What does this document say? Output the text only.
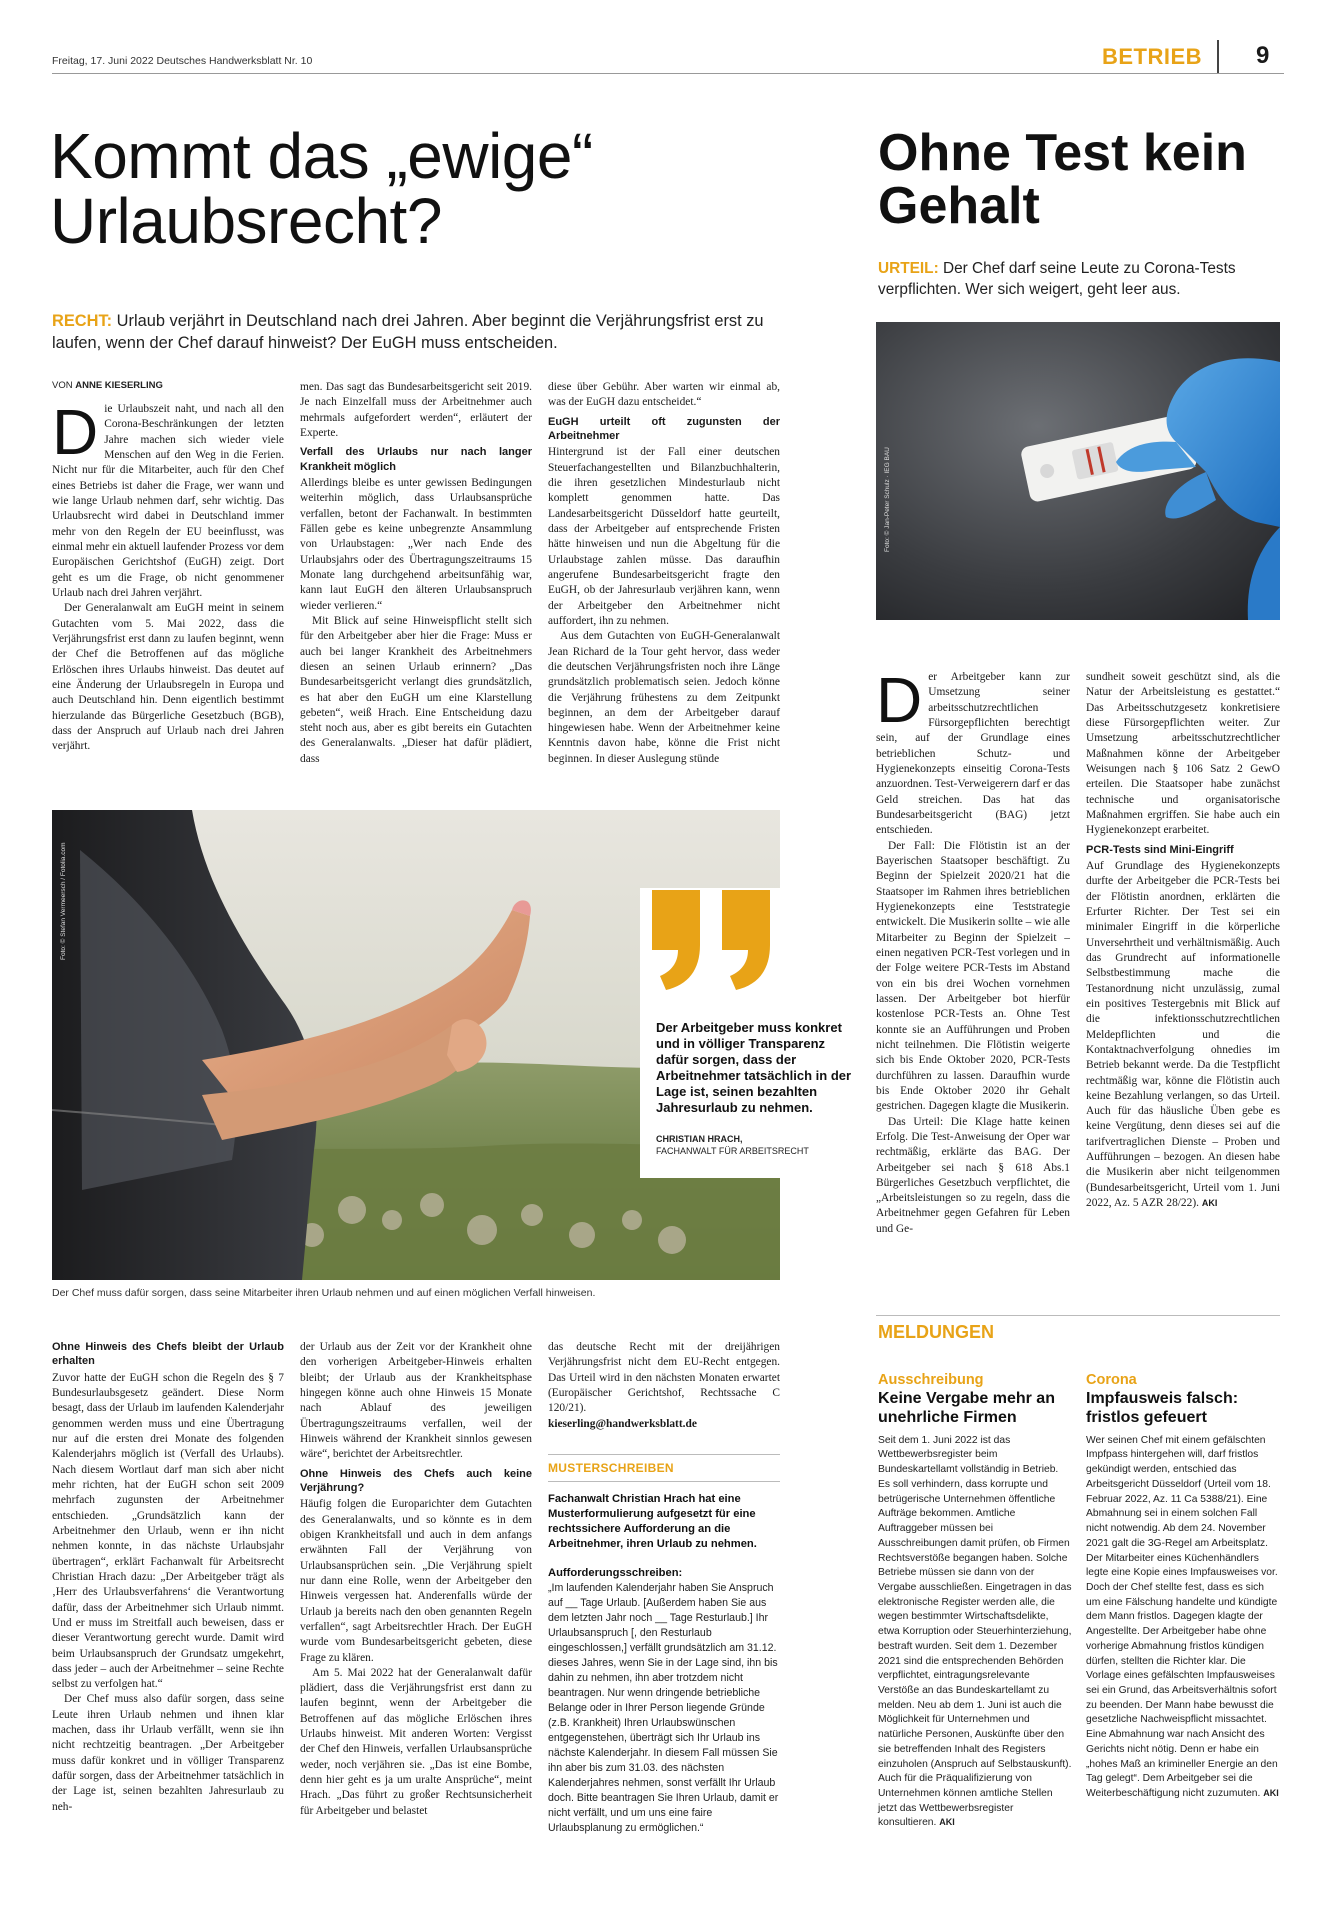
Freitag, 17. Juni 2022 Deutsches Handwerksblatt Nr. 10	BETRIEB 9
Kommt das „ewige“ Urlaubsrecht?
RECHT: Urlaub verjährt in Deutschland nach drei Jahren. Aber beginnt die Verjährungsfrist erst zu laufen, wenn der Chef darauf hinweist? Der EuGH muss entscheiden.
VON ANNE KIESERLING

Die Urlaubszeit naht, und nach all den Corona-Beschränkungen der letzten Jahre machen sich wieder viele Menschen auf den Weg in die Ferien. Nicht nur für die Mitarbeiter, auch für den Chef eines Betriebs ist daher die Frage, wer wann und wie lange Urlaub nehmen darf, sehr wichtig. Das Urlaubsrecht wird dabei in Deutschland immer mehr von den Regeln der EU beeinflusst, was einmal mehr ein aktuell laufender Prozess vor dem Europäischen Gerichtshof (EuGH) zeigt. Dort geht es um die Frage, ob nicht genommener Urlaub nach drei Jahren verjährt.

Der Generalanwalt am EuGH meint in seinem Gutachten vom 5. Mai 2022, dass die Verjährungsfrist erst dann zu laufen beginnt, wenn der Chef die Betroffenen auf das mögliche Erlöschen ihres Urlaubs hinweist. Das deutet auf eine Änderung der Urlaubsregeln in Europa und auch Deutschland hin. Denn eigentlich bestimmt hierzulande das Bürgerliche Gesetzbuch (BGB), dass der Anspruch auf Urlaub nach drei Jahren verjährt.

men. Das sagt das Bundesarbeitsgericht seit 2019. Je nach Einzelfall muss der Arbeitnehmer auch mehrmals aufgefordert werden“, erläutert der Experte.

Verfall des Urlaubs nur nach langer Krankheit möglich

Allerdings bleibe es unter gewissen Bedingungen weiterhin möglich, dass Urlaubsansprüche verfallen, betont der Fachanwalt. In bestimmten Fällen gebe es keine unbegrenzte Ansammlung von Urlaubstagen: „Wer nach Ende des Urlaubsjahrs oder des Übertragungszeitraums 15 Monate lang durchgehend arbeitsunfähig war, kann laut EuGH den älteren Urlaubsanspruch wieder verlieren.“

Mit Blick auf seine Hinweispflicht stellt sich für den Arbeitgeber aber hier die Frage: Muss er auch bei langer Krankheit des Arbeitnehmers diesen an seinen Urlaub erinnern? „Das Bundesarbeitsgericht verlangt dies grundsätzlich, es hat aber den EuGH um eine Klarstellung gebeten“, weiß Hrach. Eine Entscheidung dazu steht noch aus, aber es gibt bereits ein Gutachten des Generalanwalts. „Dieser hat dafür plädiert, dass

diese über Gebühr. Aber warten wir einmal ab, was der EuGH dazu entscheidet.“

EuGH urteilt oft zugunsten der Arbeitnehmer

Hintergrund ist der Fall einer deutschen Steuerfachangestellten und Bilanzbuchhalterin, die ihren gesetzlichen Mindesturlaub nicht komplett genommen hatte. Das Landesarbeitsgericht Düsseldorf hatte geurteilt, dass der Arbeitgeber auf entsprechende Fristen hätte hinweisen und nun die Abgeltung für die Urlaubstage zahlen müsse. Das daraufhin angerufene Bundesarbeitsgericht fragte den EuGH, ob der Jahresurlaub verjähren kann, wenn der Arbeitgeber den Arbeitnehmer nicht auffordert, ihn zu nehmen.

Aus dem Gutachten von EuGH-Generalanwalt Jean Richard de la Tour geht hervor, dass weder die deutschen Verjährungsfristen noch ihre Länge grundsätzlich problematisch seien. Jedoch könne die Verjährung frühestens zu dem Zeitpunkt beginnen, an dem der Arbeitgeber darauf hingewiesen habe. Wenn der Arbeitnehmer keine Kenntnis davon habe, könne die Frist nicht beginnen. In dieser Auslegung stünde

Foto: © Stefan Vermeersch / Fotolia.com
Der Arbeitgeber muss konkret und in völliger Transparenz dafür sorgen, dass der Arbeitnehmer tatsächlich in der Lage ist, seinen bezahlten Jahresurlaub zu nehmen.
CHRISTIAN HRACH,
FACHANWALT FÜR ARBEITSRECHT
Der Chef muss dafür sorgen, dass seine Mitarbeiter ihren Urlaub nehmen und auf einen möglichen Verfall hinweisen.
Ohne Hinweis des Chefs bleibt der Urlaub erhalten

Zuvor hatte der EuGH schon die Regeln des § 7 Bundesurlaubsgesetz geändert. Diese Norm besagt, dass der Urlaub im laufenden Kalenderjahr genommen werden muss und eine Übertragung nur auf die ersten drei Monate des folgenden Kalenderjahrs möglich ist (Verfall des Urlaubs). Nach diesem Wortlaut darf man sich aber nicht mehr richten, hat der EuGH schon seit 2009 mehrfach zugunsten der Arbeitnehmer entschieden. „Grundsätzlich kann der Arbeitnehmer den Urlaub, wenn er ihn nicht nehmen konnte, in das nächste Urlaubsjahr übertragen“, erklärt Fachanwalt für Arbeitsrecht Christian Hrach dazu: „Der Arbeitgeber trägt als ‚Herr des Urlaubsverfahrens‘ die Verantwortung dafür, dass der Arbeitnehmer sich Urlaub nimmt. Und er muss im Streitfall auch beweisen, dass er dieser Verantwortung gerecht wurde. Damit wird beim Urlaubsanspruch der Grundsatz umgekehrt, dass jeder – auch der Arbeitnehmer – seine Rechte selbst zu verfolgen hat.“

Der Chef muss also dafür sorgen, dass seine Leute ihren Urlaub nehmen und ihnen klar machen, dass ihr Urlaub verfällt, wenn sie ihn nicht rechtzeitig beantragen. „Der Arbeitgeber muss dafür konkret und in völliger Transparenz dafür sorgen, dass der Arbeitnehmer tatsächlich in der Lage ist, seinen bezahlten Jahresurlaub zu neh-

der Urlaub aus der Zeit vor der Krankheit ohne den vorherigen Arbeitgeber-Hinweis erhalten bleibt; der Urlaub aus der Krankheitsphase hingegen könne auch ohne Hinweis 15 Monate nach Ablauf des jeweiligen Übertragungszeitraums verfallen, weil der Hinweis während der Krankheit sinnlos gewesen wäre“, berichtet der Arbeitsrechtler.

Ohne Hinweis des Chefs auch keine Verjährung?

Häufig folgen die Europarichter dem Gutachten des Generalanwalts, und so könnte es in dem obigen Krankheitsfall und auch in dem anfangs erwähnten Fall der Verjährung von Urlaubsansprüchen sein. „Die Verjährung spielt nur dann eine Rolle, wenn der Arbeitgeber den Hinweis vergessen hat. Anderenfalls würde der Urlaub ja bereits nach den oben genannten Regeln verfallen“, sagt Arbeitsrechtler Hrach. Der EuGH wurde vom Bundesarbeitsgericht gebeten, diese Frage zu klären.

Am 5. Mai 2022 hat der Generalanwalt dafür plädiert, dass die Verjährungsfrist erst dann zu laufen beginnt, wenn der Arbeitgeber die Betroffenen auf das mögliche Erlöschen ihres Urlaubs hinweist. Mit anderen Worten: Vergisst der Chef den Hinweis, verfallen Urlaubsansprüche weder, noch verjähren sie. „Das ist eine Bombe, denn hier geht es ja um uralte Ansprüche“, meint Hrach. „Das führt zu großer Rechtsunsicherheit für Arbeitgeber und belastet

das deutsche Recht mit der dreijährigen Verjährungsfrist nicht dem EU-Recht entgegen. Das Urteil wird in den nächsten Monaten erwartet (Europäischer Gerichtshof, Rechtssache C 120/21).

kieserling@handwerksblatt.de
MUSTERSCHREIBEN
Fachanwalt Christian Hrach hat eine Musterformulierung aufgesetzt für eine rechtssichere Aufforderung an die Arbeitnehmer, ihren Urlaub zu nehmen.
Aufforderungsschreiben:
„Im laufenden Kalenderjahr haben Sie Anspruch auf __ Tage Urlaub. [Außerdem haben Sie aus dem letzten Jahr noch __ Tage Resturlaub.] Ihr Urlaubsanspruch [, den Resturlaub eingeschlossen,] verfällt grundsätzlich am 31.12. dieses Jahres, wenn Sie in der Lage sind, ihn bis dahin zu nehmen, ihn aber trotzdem nicht beantragen. Nur wenn dringende betriebliche Belange oder in Ihrer Person liegende Gründe (z.B. Krankheit) Ihren Urlaubswünschen entgegenstehen, überträgt sich Ihr Urlaub ins nächste Kalenderjahr. In diesem Fall müssen Sie ihn aber bis zum 31.03. des nächsten Kalenderjahres nehmen, sonst verfällt Ihr Urlaub doch. Bitte beantragen Sie Ihren Urlaub, damit er nicht verfällt, und um uns eine faire Urlaubsplanung zu ermöglichen.“
Ohne Test kein Gehalt
URTEIL: Der Chef darf seine Leute zu Corona-Tests verpflichten. Wer sich weigert, geht leer aus.
Foto: © Jan-Peter Schulz · IEG BAU

Der Arbeitgeber kann zur Umsetzung seiner arbeitsschutzrechtlichen Fürsorgepflichten berechtigt sein, auf der Grundlage eines betrieblichen Schutz- und Hygienekonzepts einseitig Corona-Tests anzuordnen. Test-Verweigerern darf er das Geld streichen. Das hat das Bundesarbeitsgericht (BAG) jetzt entschieden.

Der Fall: Die Flötistin ist an der Bayerischen Staatsoper beschäftigt. Zu Beginn der Spielzeit 2020/21 hat die Staatsoper im Rahmen ihres betrieblichen Hygienekonzepts eine Teststrategie entwickelt. Die Musikerin sollte – wie alle Mitarbeiter zu Beginn der Spielzeit – einen negativen PCR-Test vorlegen und in der Folge weitere PCR-Tests im Abstand von ein bis drei Wochen vornehmen lassen. Der Arbeitgeber bot hierfür kostenlose PCR-Tests an. Ohne Test konnte sie an Aufführungen und Proben nicht teilnehmen. Die Flötistin weigerte sich bis Ende Oktober 2020, PCR-Tests durchführen zu lassen. Daraufhin wurde bis Ende Oktober 2020 ihr Gehalt gestrichen. Dagegen klagte die Musikerin.

Das Urteil: Die Klage hatte keinen Erfolg. Die Test-Anweisung der Oper war rechtmäßig, erklärte das BAG. Der Arbeitgeber sei nach § 618 Abs.1 Bürgerliches Gesetzbuch verpflichtet, die „Arbeitsleistungen so zu regeln, dass die Arbeitnehmer gegen Gefahren für Leben und Ge-

sundheit soweit geschützt sind, als die Natur der Arbeitsleistung es gestattet.“ Das Arbeitsschutzgesetz konkretisiere diese Fürsorgepflichten weiter. Zur Umsetzung arbeitsschutzrechtlicher Maßnahmen könne der Arbeitgeber Weisungen nach § 106 Satz 2 GewO erteilen. Die Staatsoper habe zunächst technische und organisatorische Maßnahmen ergriffen. Sie habe auch ein Hygienekonzept erarbeitet.

PCR-Tests sind Mini-Eingriff

Auf Grundlage des Hygienekonzepts durfte der Arbeitgeber die PCR-Tests bei der Flötistin anordnen, erklärten die Erfurter Richter. Der Test sei ein minimaler Eingriff in die körperliche Unversehrtheit und verhältnismäßig. Auch das Grundrecht auf informationelle Selbstbestimmung mache die Testanordnung nicht unzulässig, zumal ein positives Testergebnis mit Blick auf die infektionsschutzrechtlichen Meldepflichten und die Kontaktnachverfolgung ohnedies im Betrieb bekannt werde. Da die Testpflicht rechtmäßig war, könne die Flötistin auch keine Bezahlung verlangen, so das Urteil. Auch für das häusliche Üben gebe es keine Vergütung, denn dieses sei auf die tarifvertraglichen Dienste – Proben und Aufführungen – bezogen. An diesen habe die Musikerin aber nicht teilgenommen (Bundesarbeitsgericht, Urteil vom 1. Juni 2022, Az. 5 AZR 28/22). AKI

MELDUNGEN
Ausschreibung
Keine Vergabe mehr an unehrliche Firmen
Seit dem 1. Juni 2022 ist das Wettbewerbsregister beim Bundeskartellamt vollständig in Betrieb. Es soll verhindern, dass korrupte und betrügerische Unternehmen öffentliche Aufträge bekommen. Amtliche Auftraggeber müssen bei Ausschreibungen damit prüfen, ob Firmen Rechtsverstöße begangen haben. Solche Betriebe müssen sie dann von der Vergabe ausschließen. Eingetragen in das elektronische Register werden alle, die wegen bestimmter Wirtschaftsdelikte, etwa Korruption oder Steuerhinterziehung, bestraft wurden. Seit dem 1. Dezember 2021 sind die entsprechenden Behörden verpflichtet, eintragungsrelevante Verstöße an das Bundeskartellamt zu melden. Neu ab dem 1. Juni ist auch die Möglichkeit für Unternehmen und natürliche Personen, Auskünfte über den sie betreffenden Inhalt des Registers einzuholen (Anspruch auf Selbstauskunft). Auch für die Präqualifizierung von Unternehmen können amtliche Stellen jetzt das Wettbewerbsregister konsultieren. AKI
Corona
Impfausweis falsch: fristlos gefeuert
Wer seinen Chef mit einem gefälschten Impfpass hintergehen will, darf fristlos gekündigt werden, entschied das Arbeitsgericht Düsseldorf (Urteil vom 18. Februar 2022, Az. 11 Ca 5388/21). Eine Abmahnung sei in einem solchen Fall nicht notwendig. Ab dem 24. November 2021 galt die 3G-Regel am Arbeitsplatz. Der Mitarbeiter eines Küchenhändlers legte eine Kopie eines Impfausweises vor. Doch der Chef stellte fest, dass es sich um eine Fälschung handelte und kündigte dem Mann fristlos. Dagegen klagte der Angestellte. Der Arbeitgeber habe ohne vorherige Abmahnung fristlos kündigen dürfen, stellten die Richter klar. Die Vorlage eines gefälschten Impfausweises sei ein Grund, das Arbeitsverhältnis sofort zu beenden. Der Mann habe bewusst die gesetzliche Nachweispflicht missachtet. Eine Abmahnung war nach Ansicht des Gerichts nicht nötig. Denn er habe ein „hohes Maß an krimineller Energie an den Tag gelegt“. Dem Arbeitgeber sei die Weiterbeschäftigung nicht zuzumuten. AKI
